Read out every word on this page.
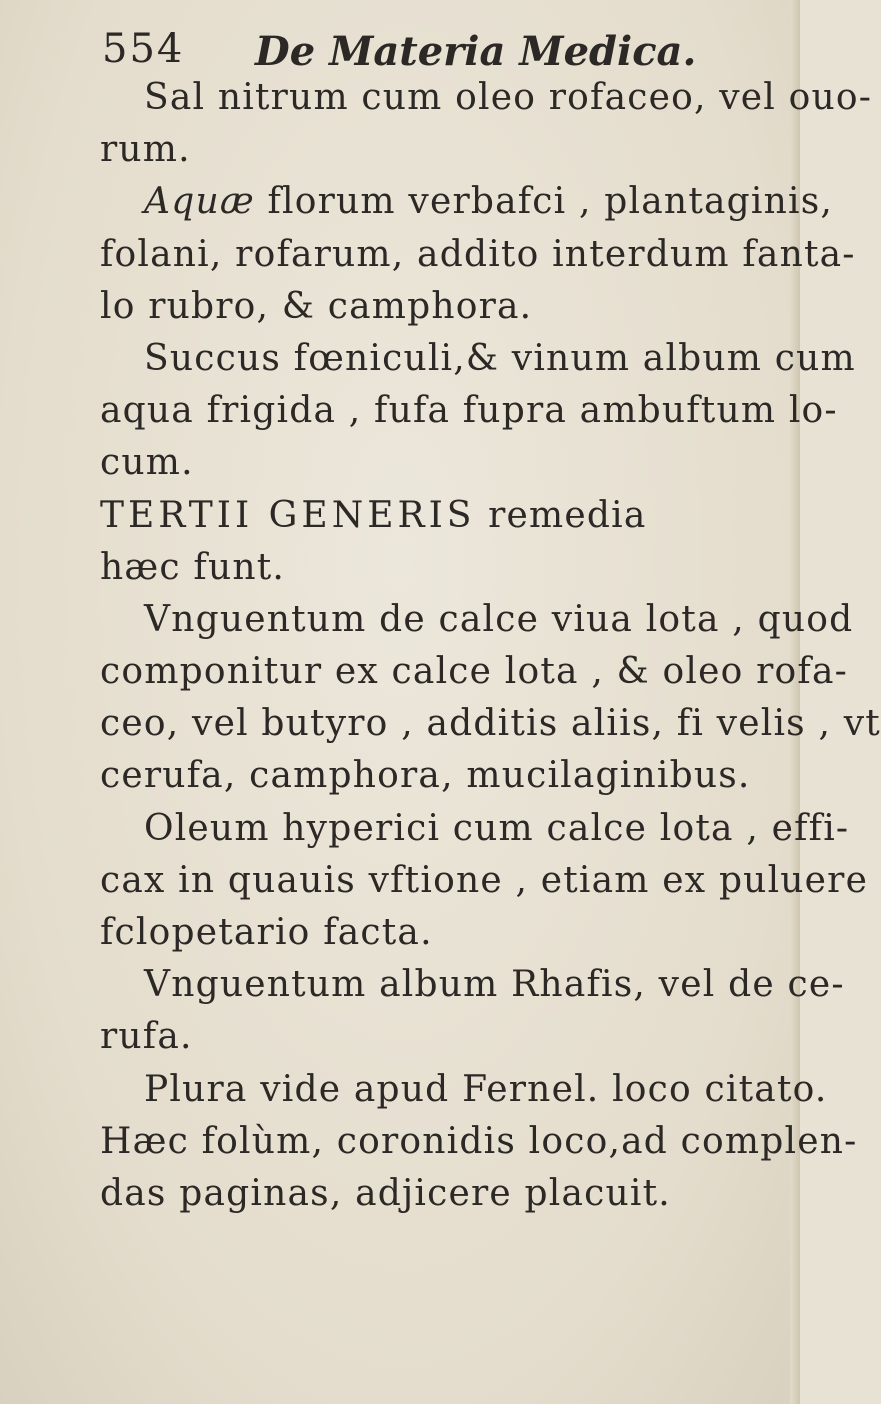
554 De Materia Medica.
Sal nitrum cum oleo rofaceo, vel ouo-
rum.
Aquæ florum verbafci , plantaginis,
folani, rofarum, addito interdum fanta-
lo rubro, & camphora.
Succus fœniculi,& vinum album cum
aqua frigida , fufa fupra ambuftum lo-
cum.
TERTII GENERIS remedia
hæc funt.
Vnguentum de calce viua lota , quod
componitur ex calce lota , & oleo rofa-
ceo, vel butyro , additis aliis, fi velis , vt
cerufa, camphora, mucilaginibus.
Oleum hyperici cum calce lota , effi-
cax in quauis vftione , etiam ex puluere
fclopetario facta.
Vnguentum album Rhafis, vel de ce-
rufa.
Plura vide apud Fernel. loco citato.
Hæc folùm, coronidis loco,ad complen-
das paginas, adjicere placuit.
